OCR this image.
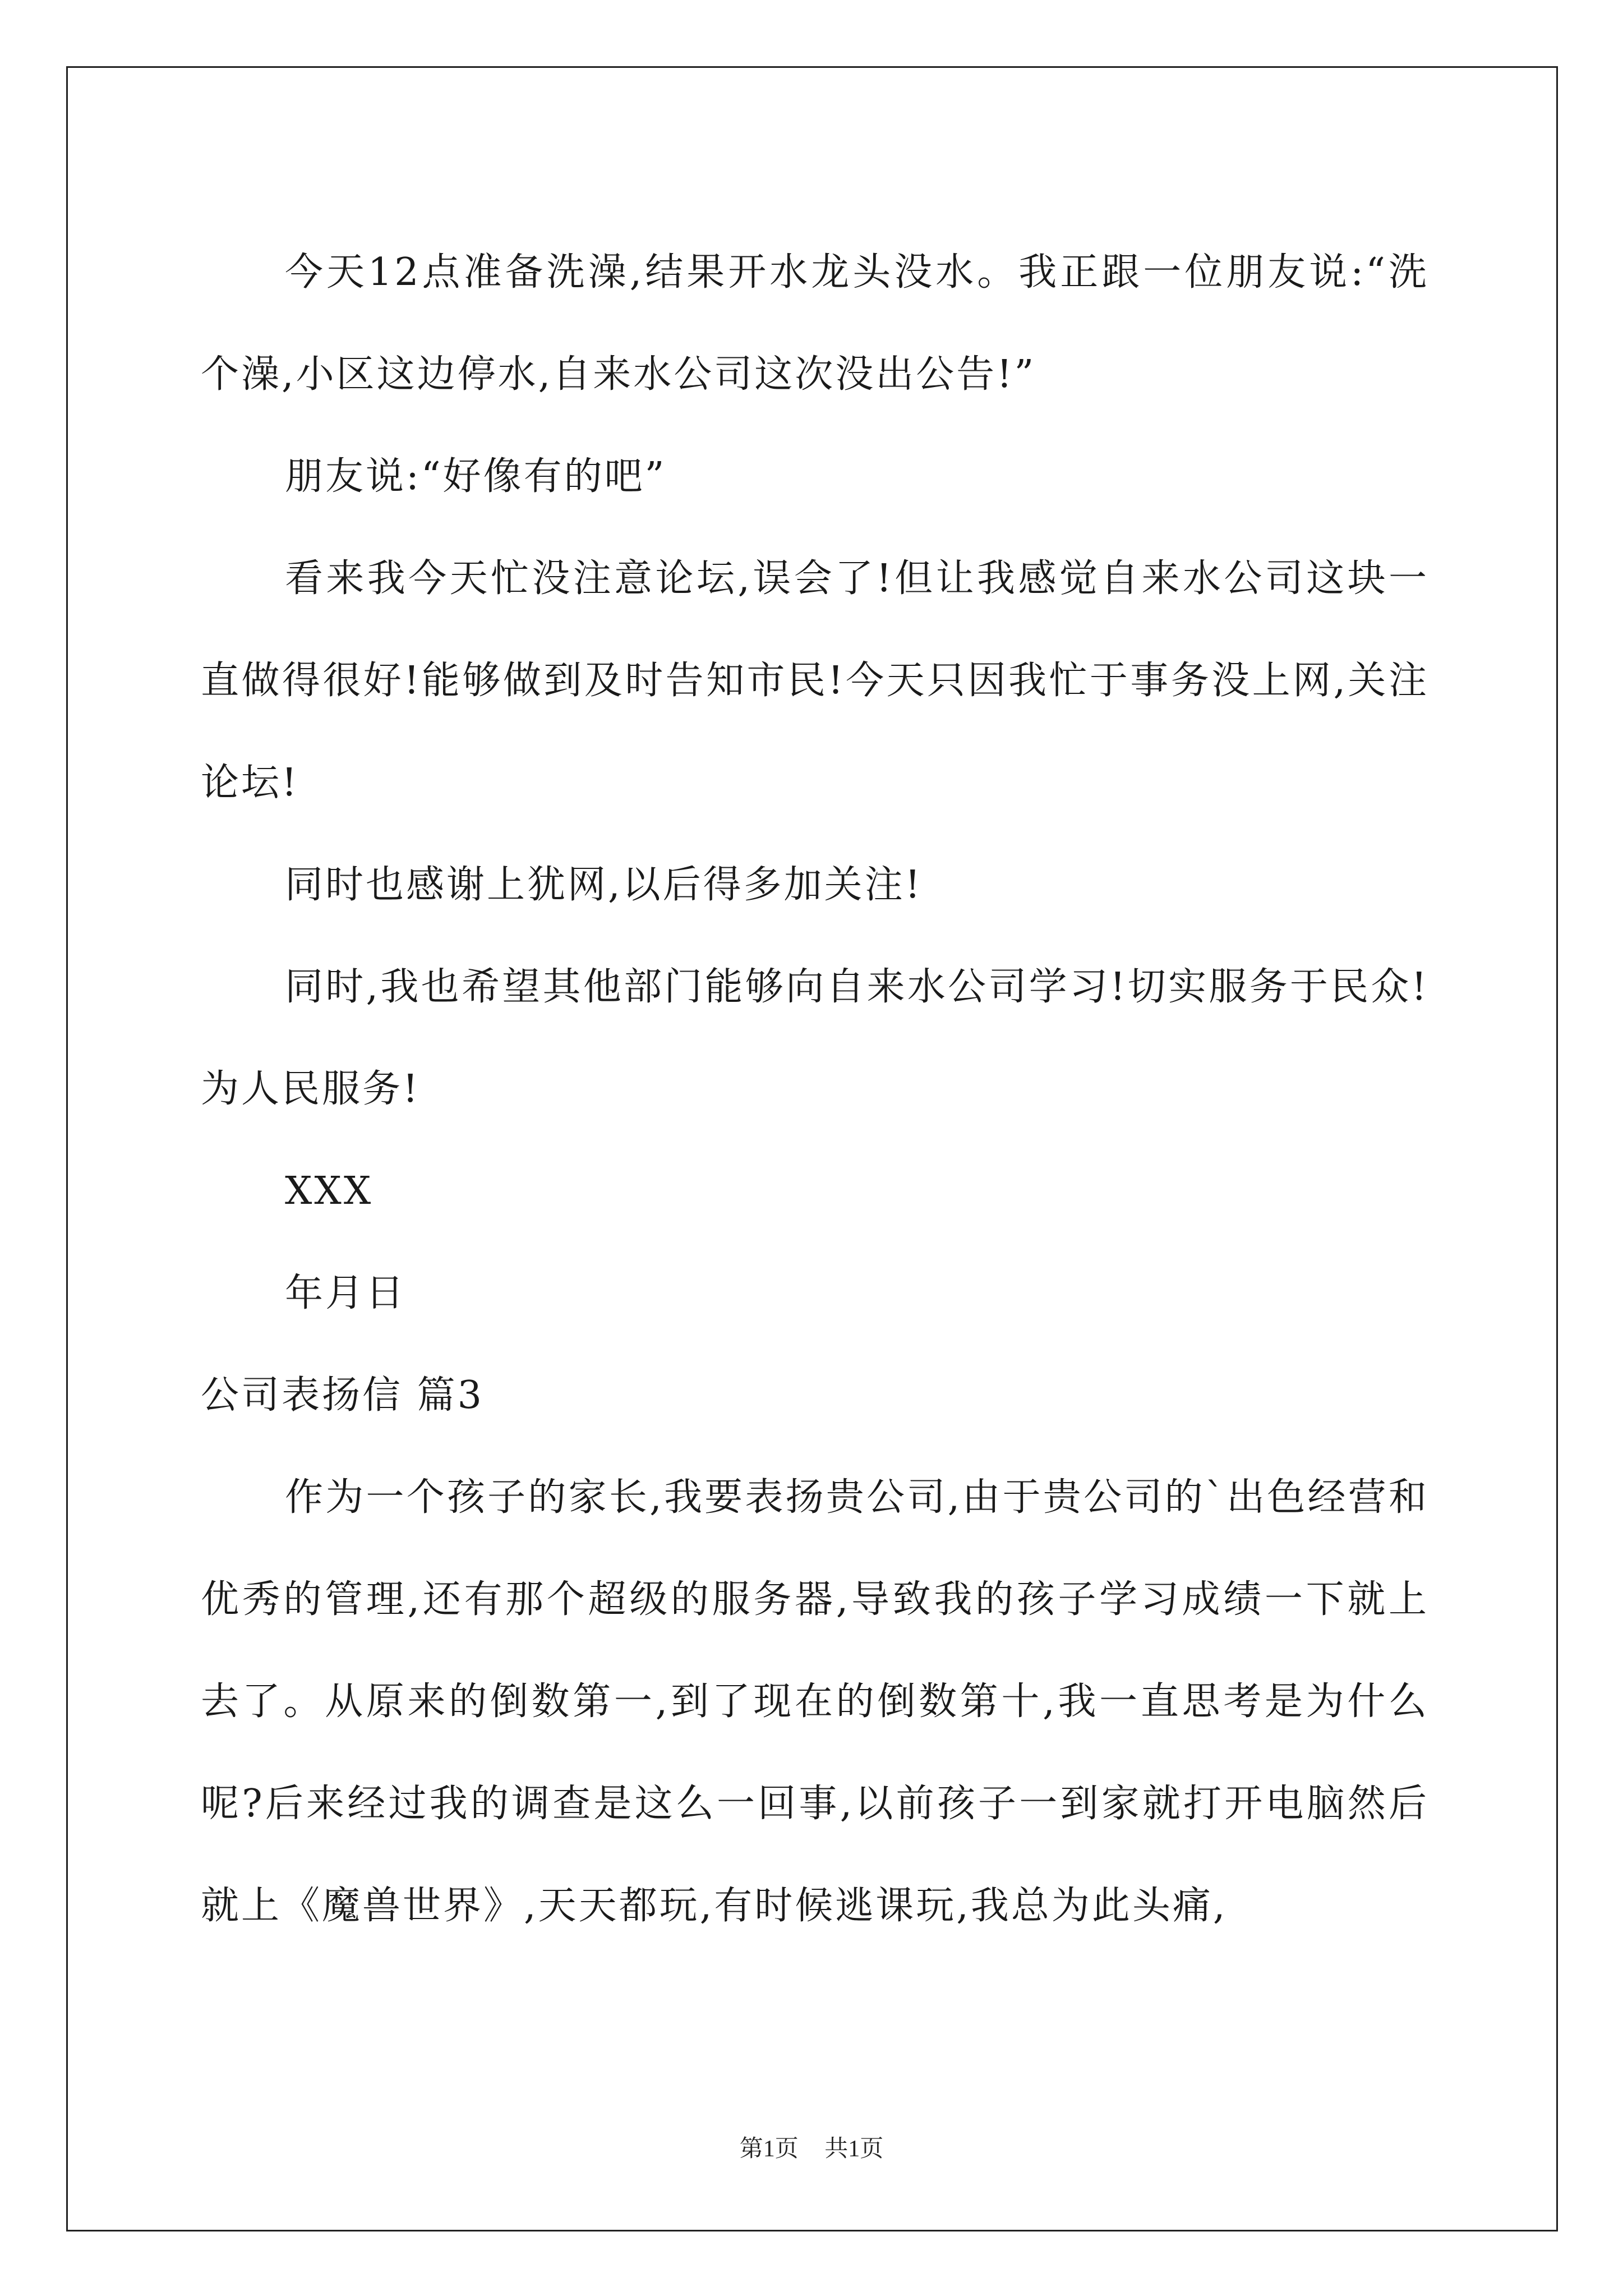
今天12点准备洗澡,结果开水龙头没水。我正跟一位朋友说:“洗个澡,小区这边停水,自来水公司这次没出公告!”

朋友说:“好像有的吧”

看来我今天忙没注意论坛,误会了!但让我感觉自来水公司这块一直做得很好!能够做到及时告知市民!今天只因我忙于事务没上网,关注论坛!

同时也感谢上犹网,以后得多加关注!

同时,我也希望其他部门能够向自来水公司学习!切实服务于民众!为人民服务!

XXX

年月日

公司表扬信 篇3

作为一个孩子的家长,我要表扬贵公司,由于贵公司的`出色经营和优秀的管理,还有那个超级的服务器,导致我的孩子学习成绩一下就上去了。从原来的倒数第一,到了现在的倒数第十,我一直思考是为什么呢?后来经过我的调查是这么一回事,以前孩子一到家就打开电脑然后就上《魔兽世界》,天天都玩,有时候逃课玩,我总为此头痛,

第1页 共1页
